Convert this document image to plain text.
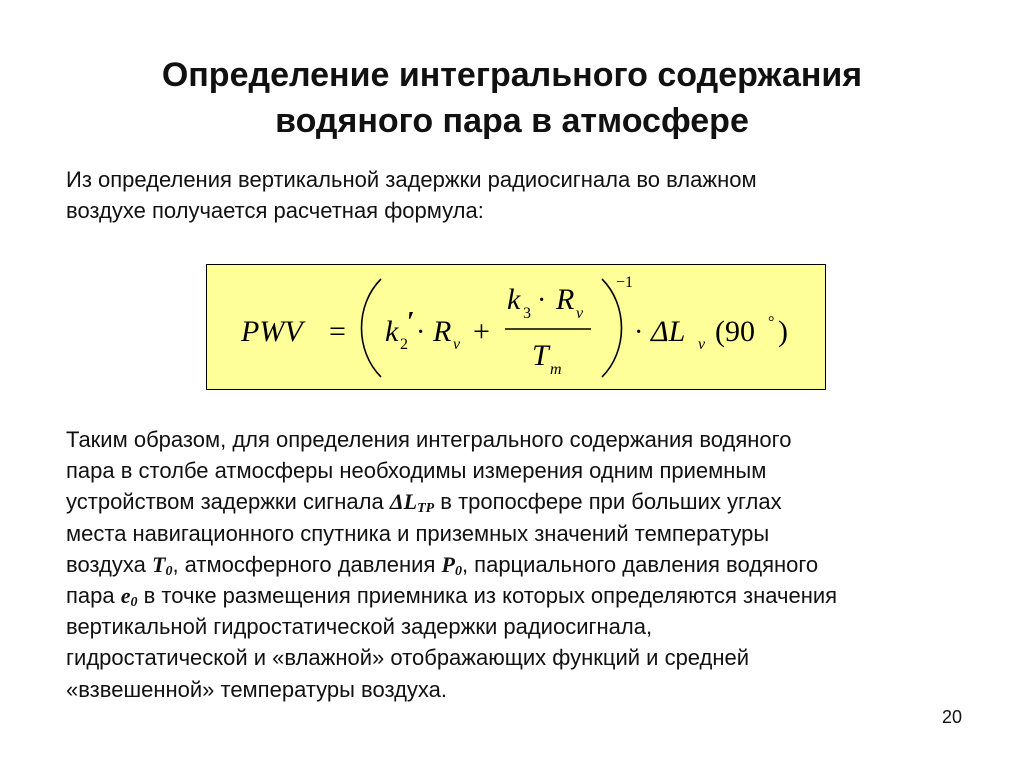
Определение интегрального содержания
водяного пара в атмосфере
Из определения вертикальной задержки радиосигнала во влажном
воздухе получается расчетная формула:
PWV = k 2
′ · R v +
k 3 · R v
T m
−1
· ΔL v (90 ° )
Таким образом, для определения интегрального содержания водяного
пара в столбе атмосферы необходимы измерения одним приемным
устройством задержки сигнала $\Delta L_{TP}$ в тропосфере при больших углах
места навигационного спутника и приземных значений температуры
воздуха $T_0$, атмосферного давления $P_0$, парциального давления водяного
пара $e_0$ в точке размещения приемника из которых определяются значения
вертикальной гидростатической задержки радиосигнала,
гидростатической и «влажной» отображающих функций и средней
«взвешенной» температуры воздуха.
20
